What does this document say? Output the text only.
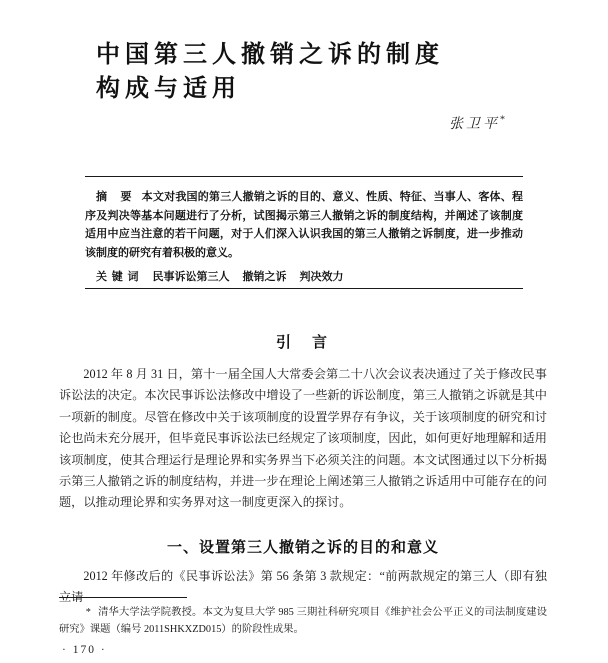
中国第三人撤销之诉的制度
构成与适用
张卫平*

摘　要 本文对我国的第三人撤销之诉的目的、意义、性质、特征、当事人、客体、程序及判决等基本问题进行了分析，试图揭示第三人撤销之诉的制度结构，并阐述了该制度适用中应当注意的若干问题，对于人们深入认识我国的第三人撤销之诉制度，进一步推动该制度的研究有着积极的意义。

关 键 词 民事诉讼第三人 撤销之诉 判决效力

引　言

2012 年 8 月 31 日，第十一届全国人大常委会第二十八次会议表决通过了关于修改民事诉讼法的决定。本次民事诉讼法修改中增设了一些新的诉讼制度，第三人撤销之诉就是其中一项新的制度。尽管在修改中关于该项制度的设置学界存有争议，关于该项制度的研究和讨论也尚未充分展开，但毕竟民事诉讼法已经规定了该项制度，因此，如何更好地理解和适用该项制度，使其合理运行是理论界和实务界当下必须关注的问题。本文试图通过以下分析揭示第三人撤销之诉的制度结构，并进一步在理论上阐述第三人撤销之诉适用中可能存在的问题，以推动理论界和实务界对这一制度更深入的探讨。

一、设置第三人撤销之诉的目的和意义

2012 年修改后的《民事诉讼法》第 56 条第 3 款规定：“前两款规定的第三人（即有独立请

* 清华大学法学院教授。本文为复旦大学 985 三期社科研究项目《维护社会公平正义的司法制度建设研究》课题（编号 2011SHKXZD015）的阶段性成果。

· 170 ·
